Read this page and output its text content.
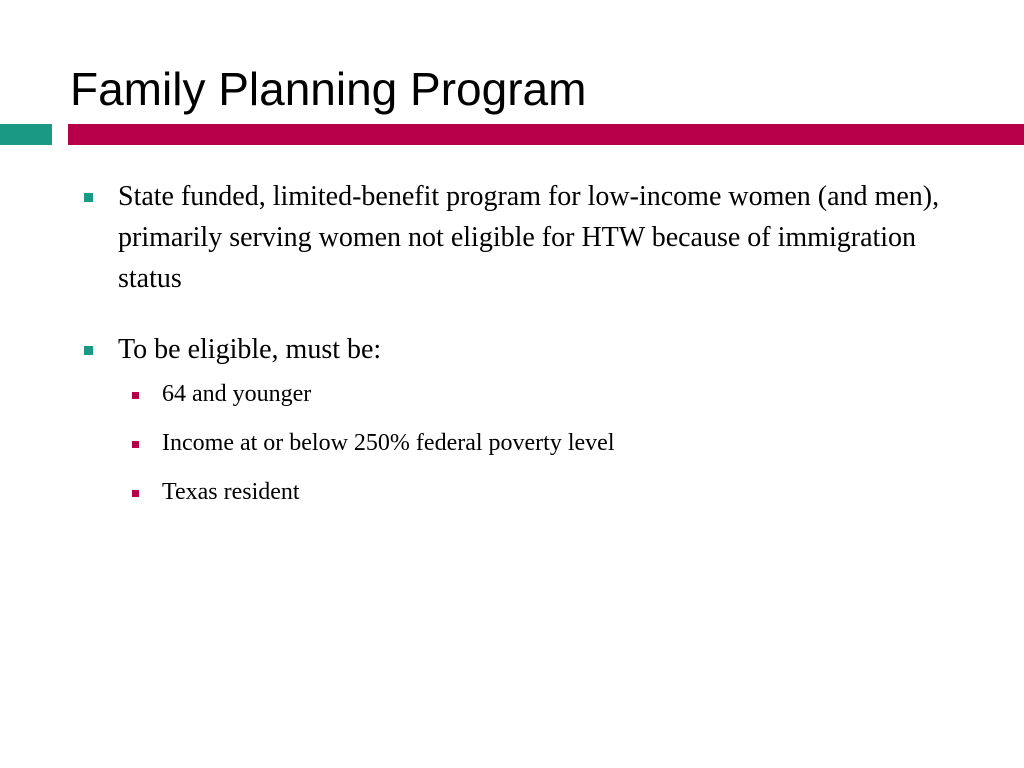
Family Planning Program
State funded, limited-benefit program for low-income women (and men), primarily serving women not eligible for HTW because of immigration status
To be eligible, must be:
64 and younger
Income at or below 250% federal poverty level
Texas resident
